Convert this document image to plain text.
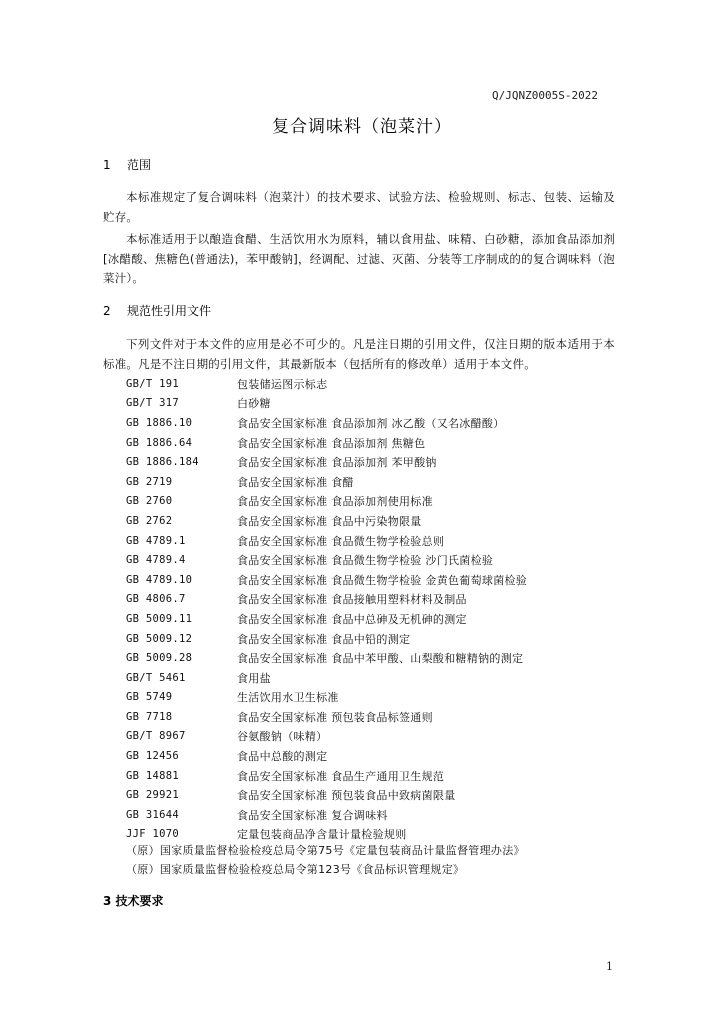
Q/JQNZ0005S-2022
复合调味料（泡菜汁）
1 范围
本标准规定了复合调味料（泡菜汁）的技术要求、试验方法、检验规则、标志、包装、运输及贮存。
本标准适用于以酿造食醋、生活饮用水为原料，辅以食用盐、味精、白砂糖，添加食品添加剂[冰醋酸、焦糖色(普通法)，苯甲酸钠]，经调配、过滤、灭菌、分装等工序制成的的复合调味料（泡菜汁）。
2 规范性引用文件
下列文件对于本文件的应用是必不可少的。凡是注日期的引用文件，仅注日期的版本适用于本标准。凡是不注日期的引用文件，其最新版本（包括所有的修改单）适用于本文件。
GB/T 191	包装储运图示标志
GB/T 317	白砂糖
GB 1886.10	食品安全国家标准 食品添加剂 冰乙酸（又名冰醋酸）
GB 1886.64	食品安全国家标准 食品添加剂 焦糖色
GB 1886.184	食品安全国家标准 食品添加剂 苯甲酸钠
GB 2719	食品安全国家标准 食醋
GB 2760	食品安全国家标准 食品添加剂使用标准
GB 2762	食品安全国家标准 食品中污染物限量
GB 4789.1	食品安全国家标准 食品微生物学检验总则
GB 4789.4	食品安全国家标准 食品微生物学检验 沙门氏菌检验
GB 4789.10	食品安全国家标准 食品微生物学检验 金黄色葡萄球菌检验
GB 4806.7	食品安全国家标准 食品接触用塑料材料及制品
GB 5009.11	食品安全国家标准 食品中总砷及无机砷的测定
GB 5009.12	食品安全国家标准 食品中铅的测定
GB 5009.28	食品安全国家标准 食品中苯甲酸、山梨酸和糖精钠的测定
GB/T 5461	食用盐
GB 5749	生活饮用水卫生标准
GB 7718	食品安全国家标准 预包装食品标签通则
GB/T 8967	谷氨酸钠（味精）
GB 12456	食品中总酸的测定
GB 14881	食品安全国家标准 食品生产通用卫生规范
GB 29921	食品安全国家标准 预包装食品中致病菌限量
GB 31644	食品安全国家标准 复合调味料
JJF 1070	定量包装商品净含量计量检验规则
（原）国家质量监督检验检疫总局令第75号《定量包装商品计量监督管理办法》
（原）国家质量监督检验检疫总局令第123号《食品标识管理规定》
3 技术要求
1
